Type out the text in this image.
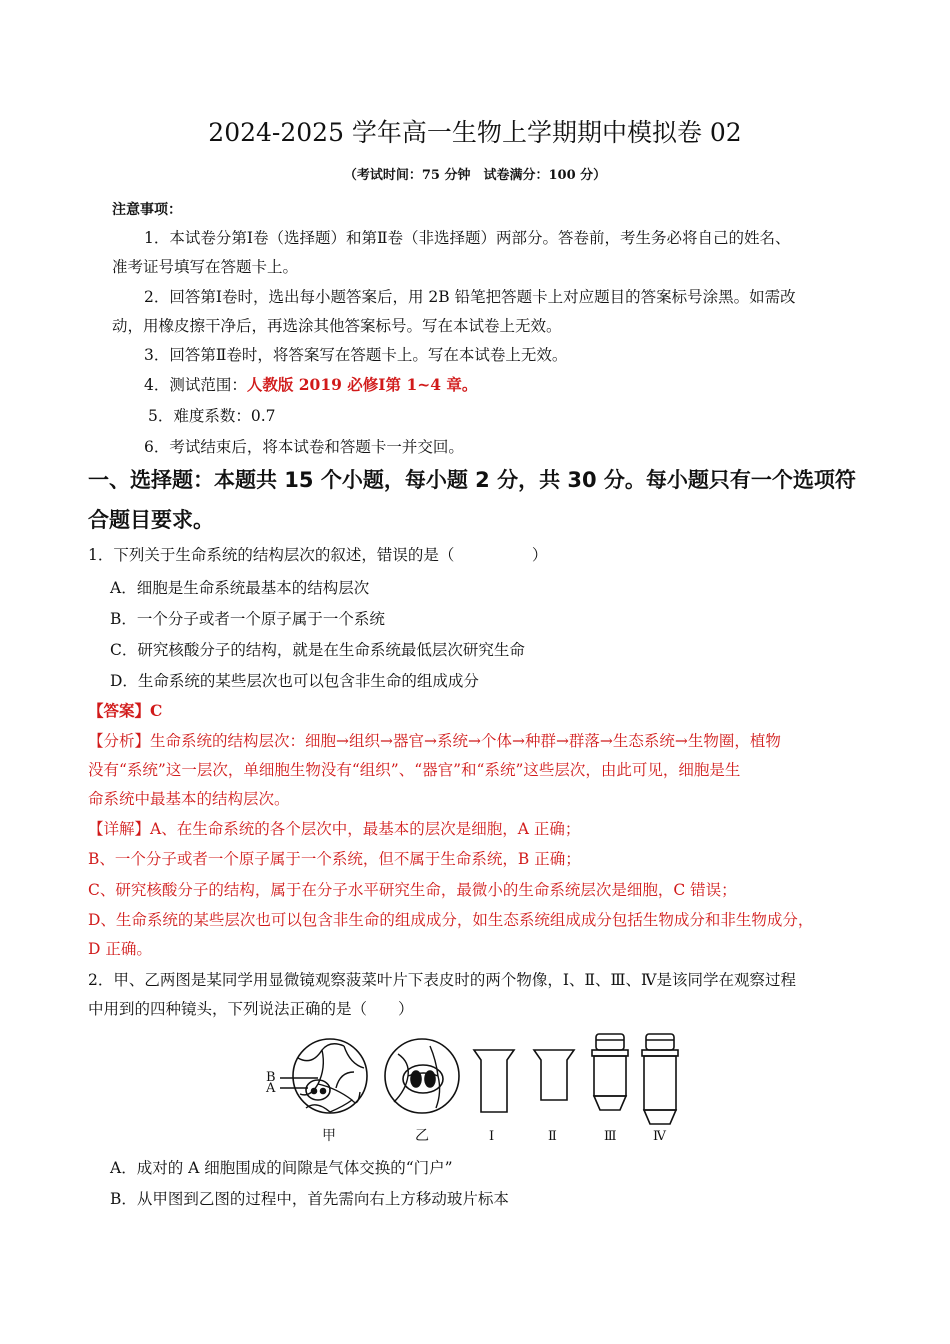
2024-2025 学年高一生物上学期期中模拟卷 02
（考试时间：75 分钟　试卷满分：100 分）
注意事项：
1．本试卷分第Ⅰ卷（选择题）和第Ⅱ卷（非选择题）两部分。答卷前，考生务必将自己的姓名、
准考证号填写在答题卡上。
2．回答第Ⅰ卷时，选出每小题答案后，用 2B 铅笔把答题卡上对应题目的答案标号涂黑。如需改
动，用橡皮擦干净后，再选涂其他答案标号。写在本试卷上无效。
3．回答第Ⅱ卷时，将答案写在答题卡上。写在本试卷上无效。
4．测试范围：人教版 2019 必修Ⅰ第 1~4 章。
5．难度系数：0.7
6．考试结束后，将本试卷和答题卡一并交回。
一、选择题：本题共 15 个小题，每小题 2 分，共 30 分。每小题只有一个选项符
合题目要求。
1．下列关于生命系统的结构层次的叙述，错误的是（　　　　　）
A．细胞是生命系统最基本的结构层次
B．一个分子或者一个原子属于一个系统
C．研究核酸分子的结构，就是在生命系统最低层次研究生命
D．生命系统的某些层次也可以包含非生命的组成成分
【答案】C
【分析】生命系统的结构层次：细胞→组织→器官→系统→个体→种群→群落→生态系统→生物圈，植物
没有“系统”这一层次，单细胞生物没有“组织”、“器官”和“系统”这些层次，由此可见，细胞是生
命系统中最基本的结构层次。
【详解】A、在生命系统的各个层次中，最基本的层次是细胞，A 正确；
B、一个分子或者一个原子属于一个系统，但不属于生命系统，B 正确；
C、研究核酸分子的结构，属于在分子水平研究生命，最微小的生命系统层次是细胞，C 错误；
D、生命系统的某些层次也可以包含非生命的组成成分，如生态系统组成成分包括生物成分和非生物成分，
D 正确。
2．甲、乙两图是某同学用显微镜观察菠菜叶片下表皮时的两个物像，Ⅰ、Ⅱ、Ⅲ、Ⅳ是该同学在观察过程
中用到的四种镜头，下列说法正确的是（　　）
B
A
甲	乙	Ⅰ	Ⅱ	Ⅲ	Ⅳ
A．成对的 A 细胞围成的间隙是气体交换的“门户”
B．从甲图到乙图的过程中，首先需向右上方移动玻片标本
